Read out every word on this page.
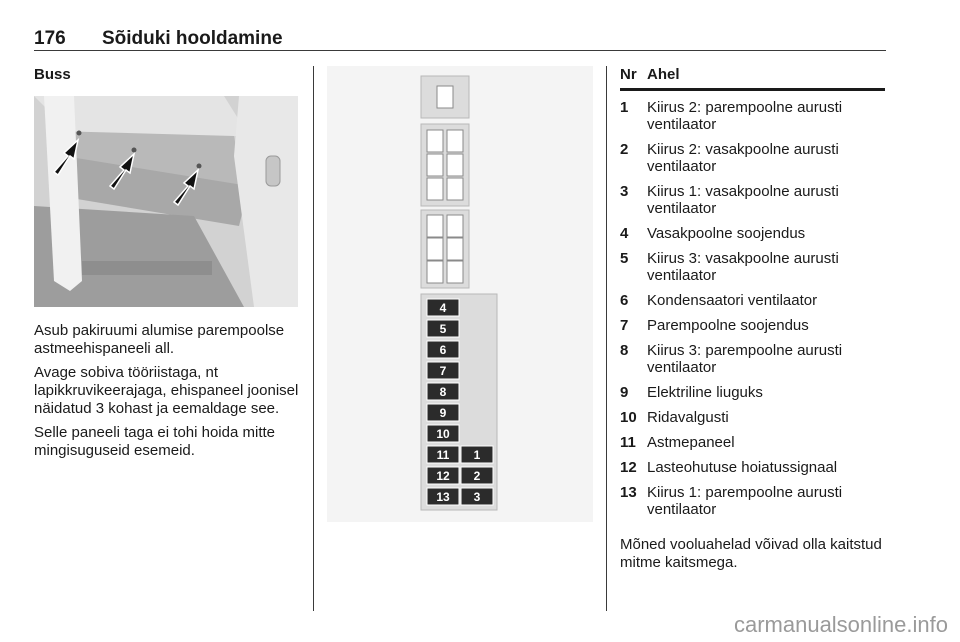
176 Sõiduki hooldamine
Buss

Asub pakiruumi alumise parempoolse astmeehispaneeli all.

Avage sobiva tööriistaga, nt lapikkruvikeerajaga, ehispaneel joonisel näidatud 3 kohast ja eemaldage see.

Selle paneeli taga ei tohi hoida mitte mingisuguseid esemeid.

4
5
6
7
8
9
10
11
12
13
1
2
3
Nr Ahel
1	Kiirus 2: parempoolne aurusti ventilaator
2	Kiirus 2: vasakpoolne aurusti ventilaator
3	Kiirus 1: vasakpoolne aurusti ventilaator
4	Vasakpoolne soojendus
5	Kiirus 3: vasakpoolne aurusti ventilaator
6	Kondensaatori ventilaator
7	Parempoolne soojendus
8	Kiirus 3: parempoolne aurusti ventilaator
9	Elektriline liuguks
10 Ridavalgusti
11 Astmepaneel
12 Lasteohutuse hoiatussignaal
13 Kiirus 1: parempoolne aurusti ventilaator
Mõned vooluahelad võivad olla kaitstud mitme kaitsmega.
carmanualsonline.info
